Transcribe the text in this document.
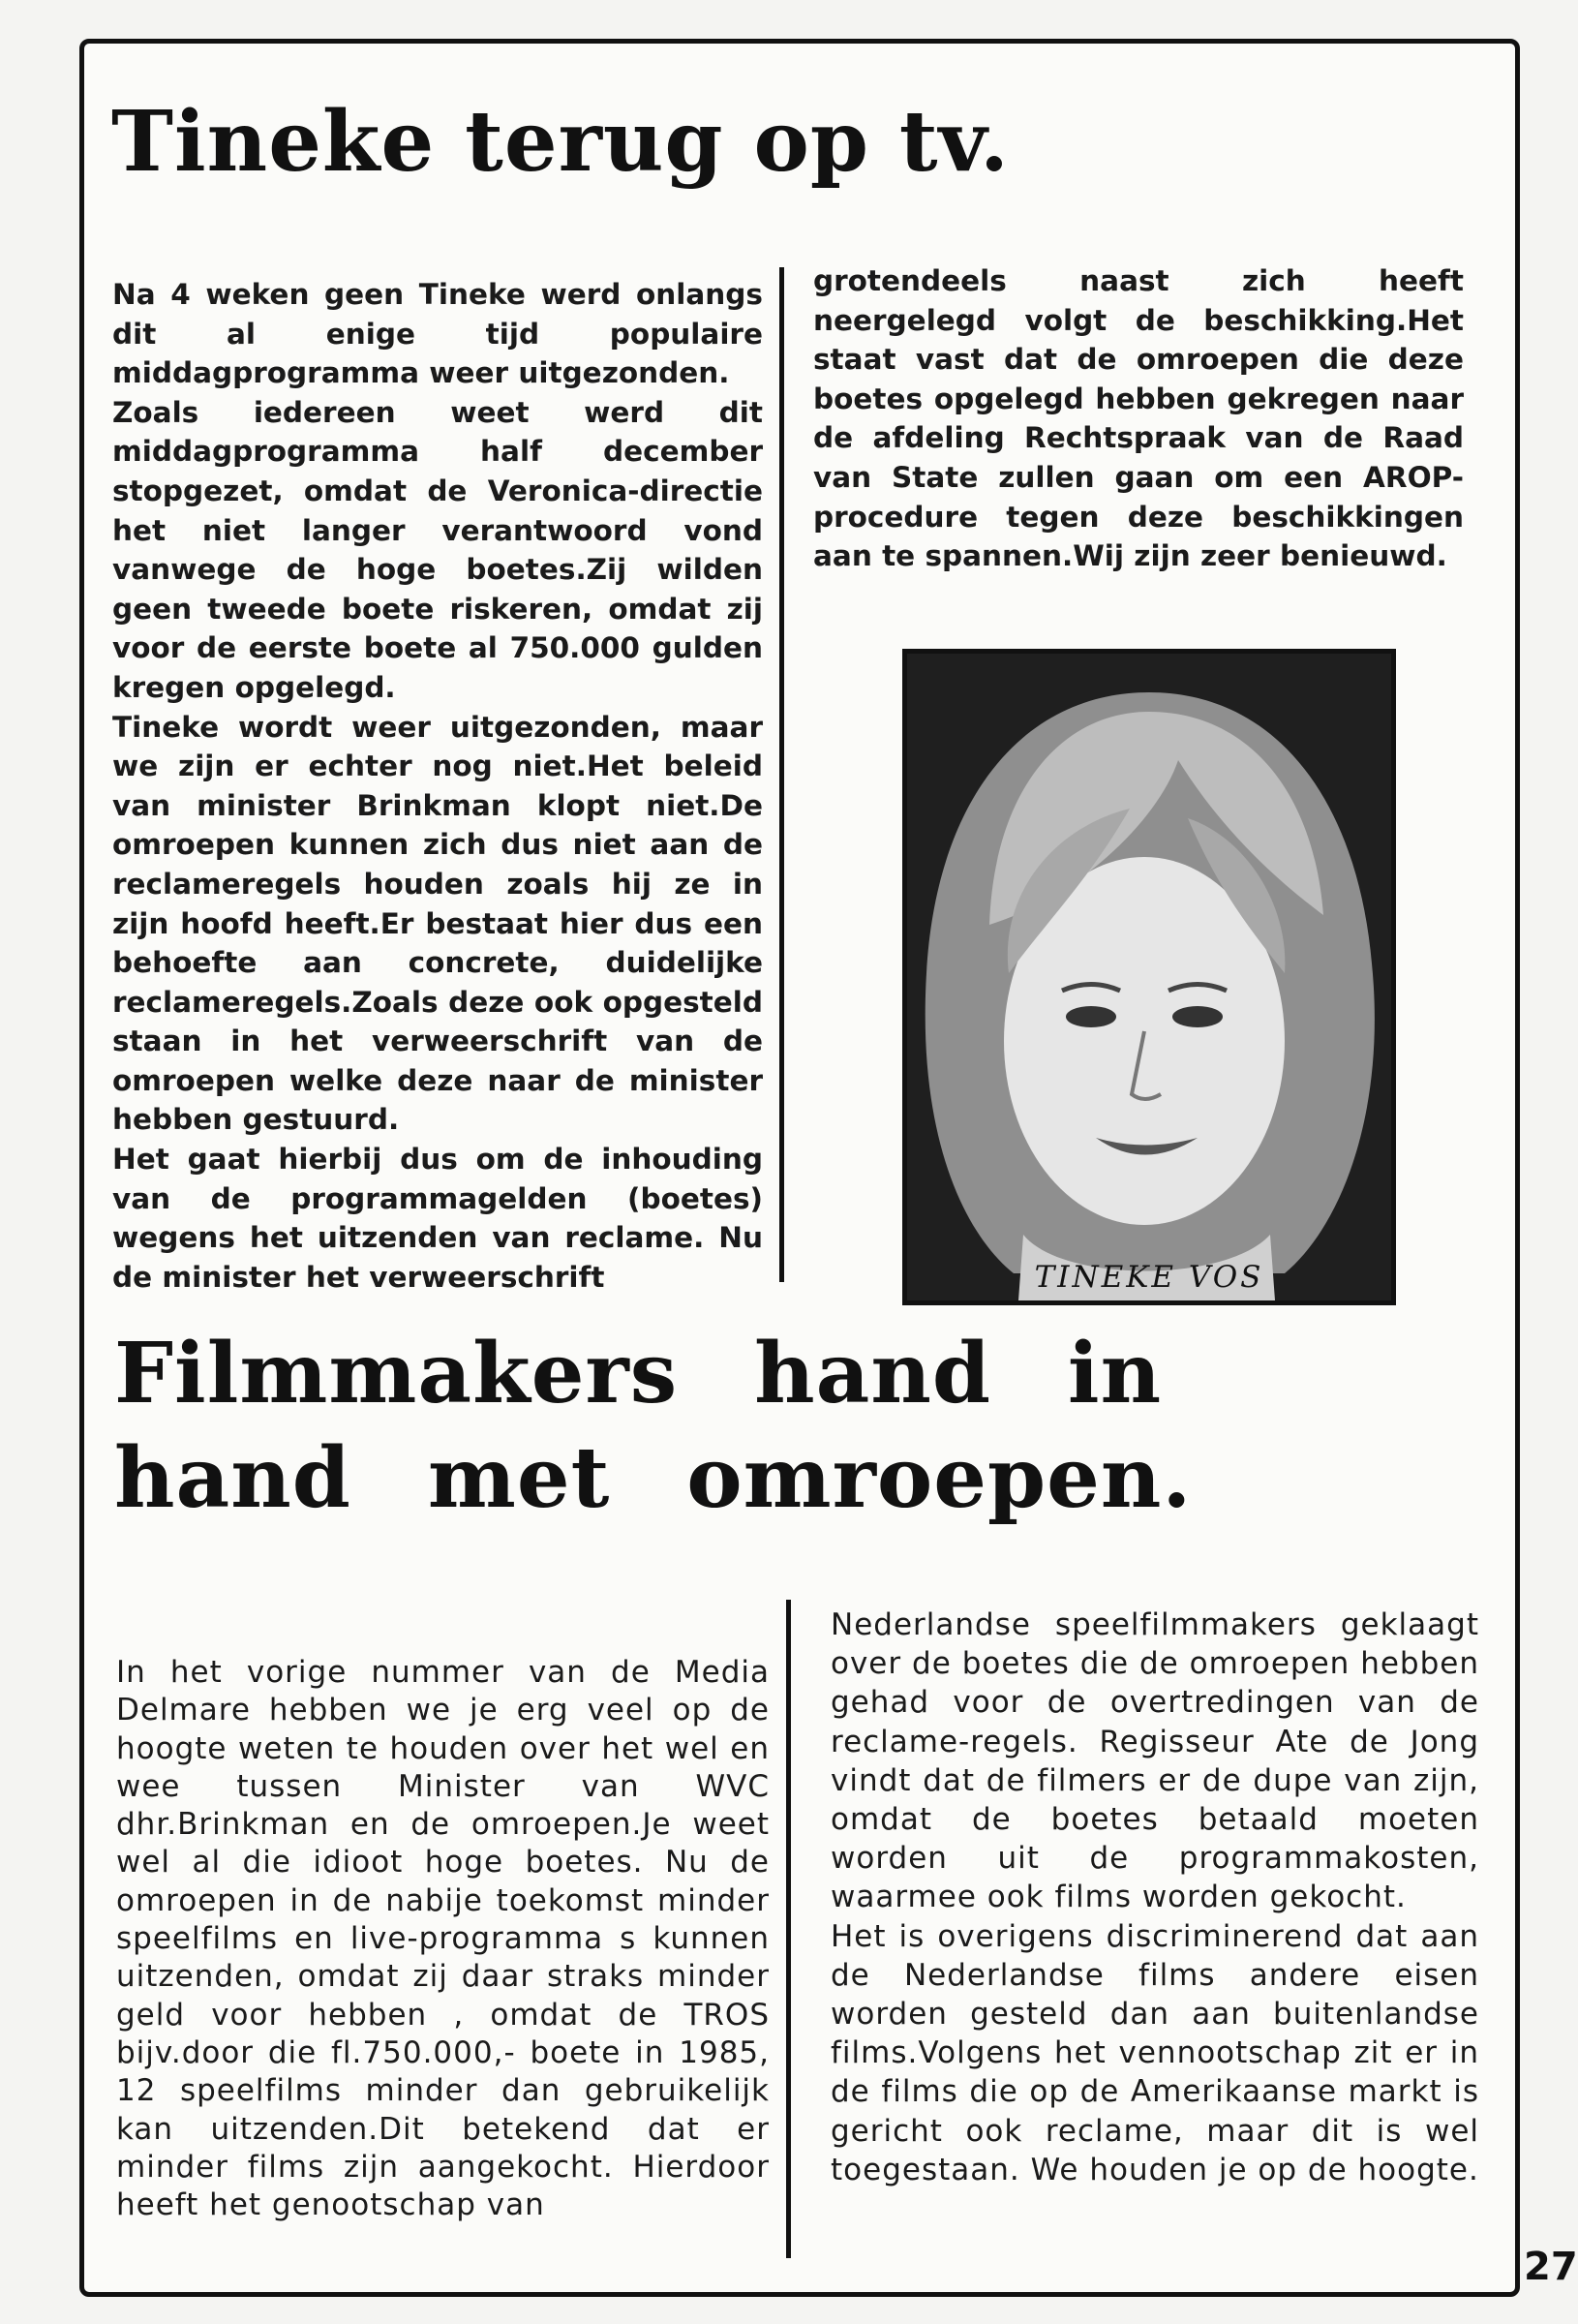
Tineke terug op tv.

Na 4 weken geen Tineke werd onlangs dit al enige tijd populaire middagprogramma weer uitgezonden.

Zoals iedereen weet werd dit middagprogramma half december stopgezet, omdat de Veronica-directie het niet langer verantwoord vond vanwege de hoge boetes.Zij wilden geen tweede boete riskeren, omdat zij voor de eerste boete al 750.000 gulden kregen opgelegd.

Tineke wordt weer uitgezonden, maar we zijn er echter nog niet.Het beleid van minister Brinkman klopt niet.De omroepen kunnen zich dus niet aan de reclameregels houden zoals hij ze in zijn hoofd heeft.Er bestaat hier dus een behoefte aan concrete, duidelijke reclameregels.Zoals deze ook opgesteld staan in het verweerschrift van de omroepen welke deze naar de minister hebben gestuurd.

Het gaat hierbij dus om de inhouding van de programmagelden (boetes) wegens het uitzenden van reclame. Nu de minister het verweerschrift

grotendeels naast zich heeft neergelegd volgt de beschikking.Het staat vast dat de omroepen die deze boetes opgelegd hebben gekregen naar de afdeling Rechtspraak van de Raad van State zullen gaan om een AROP-procedure tegen deze beschikkingen aan te spannen.Wij zijn zeer benieuwd.

TINEKE VOS
Filmmakers hand in hand met omroepen.

In het vorige nummer van de Media Delmare hebben we je erg veel op de hoogte weten te houden over het wel en wee tussen Minister van WVC dhr.Brinkman en de omroepen.Je weet wel al die idioot hoge boetes. Nu de omroepen in de nabije toekomst minder speelfilms en live-programma s kunnen uitzenden, omdat zij daar straks minder geld voor hebben , omdat de TROS bijv.door die fl.750.000,- boete in 1985, 12 speelfilms minder dan gebruikelijk kan uitzenden.Dit betekend dat er minder films zijn aangekocht. Hierdoor heeft het genootschap van

Nederlandse speelfilmmakers geklaagt over de boetes die de omroepen hebben gehad voor de overtredingen van de reclame-regels. Regisseur Ate de Jong vindt dat de filmers er de dupe van zijn, omdat de boetes betaald moeten worden uit de programmakosten, waarmee ook films worden gekocht.

Het is overigens discriminerend dat aan de Nederlandse films andere eisen worden gesteld dan aan buitenlandse films.Volgens het vennootschap zit er in de films die op de Amerikaanse markt is gericht ook reclame, maar dit is wel toegestaan. We houden je op de hoogte.

27
